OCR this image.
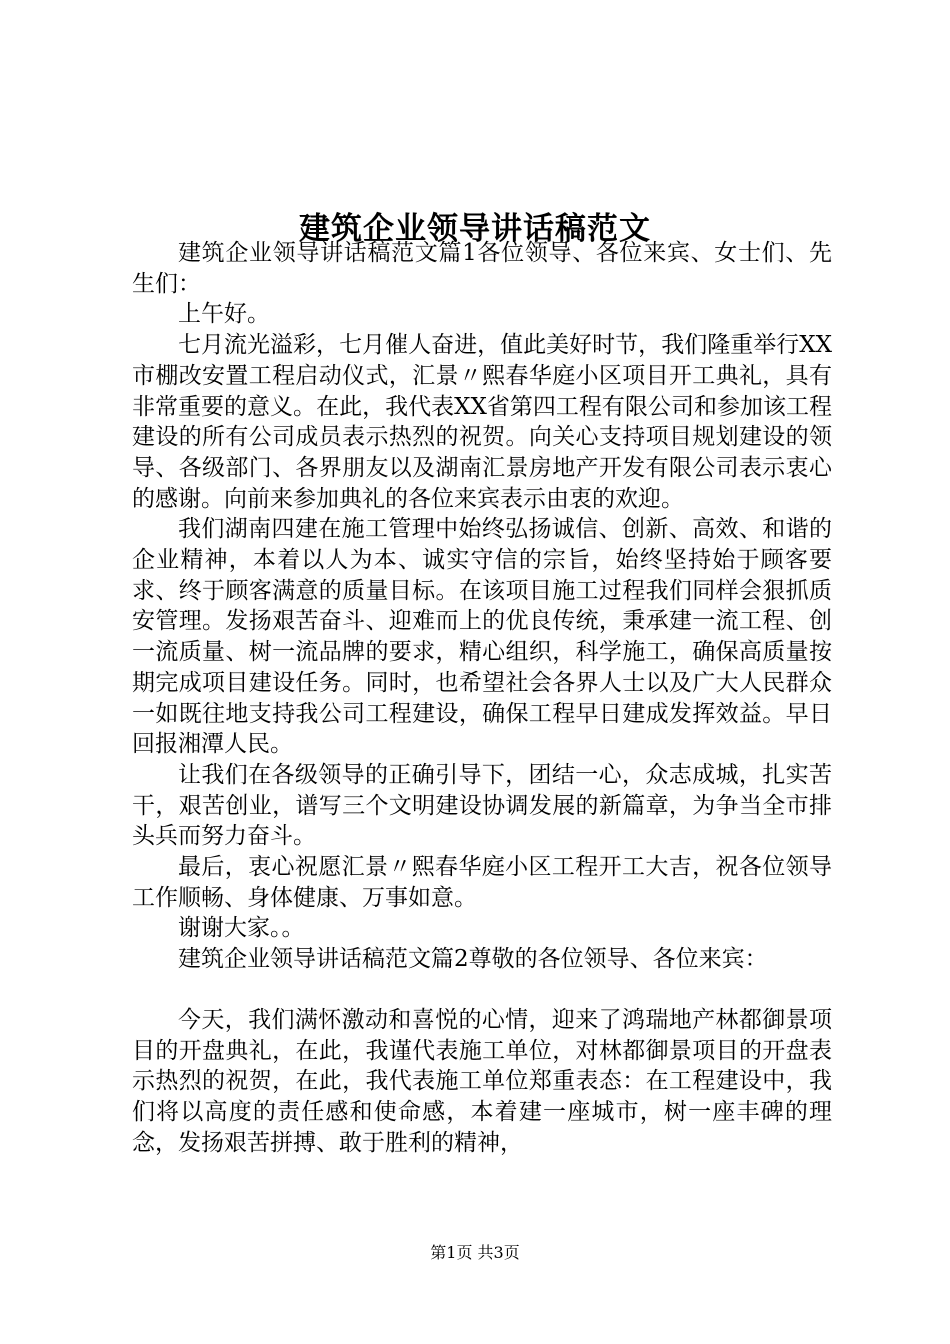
建筑企业领导讲话稿范文

建筑企业领导讲话稿范文篇1各位领导、各位来宾、女士们、先生们：

上午好。

七月流光溢彩，七月催人奋进，值此美好时节，我们隆重举行XX市棚改安置工程启动仪式，汇景〃熙春华庭小区项目开工典礼，具有非常重要的意义。在此，我代表XX省第四工程有限公司和参加该工程建设的所有公司成员表示热烈的祝贺。向关心支持项目规划建设的领导、各级部门、各界朋友以及湖南汇景房地产开发有限公司表示衷心的感谢。向前来参加典礼的各位来宾表示由衷的欢迎。

我们湖南四建在施工管理中始终弘扬诚信、创新、高效、和谐的企业精神，本着以人为本、诚实守信的宗旨，始终坚持始于顾客要求、终于顾客满意的质量目标。在该项目施工过程我们同样会狠抓质安管理。发扬艰苦奋斗、迎难而上的优良传统，秉承建一流工程、创一流质量、树一流品牌的要求，精心组织，科学施工，确保高质量按期完成项目建设任务。同时，也希望社会各界人士以及广大人民群众一如既往地支持我公司工程建设，确保工程早日建成发挥效益。早日回报湘潭人民。

让我们在各级领导的正确引导下，团结一心，众志成城，扎实苦干，艰苦创业，谱写三个文明建设协调发展的新篇章，为争当全市排头兵而努力奋斗。

最后，衷心祝愿汇景〃熙春华庭小区工程开工大吉，祝各位领导工作顺畅、身体健康、万事如意。

谢谢大家。。

建筑企业领导讲话稿范文篇2尊敬的各位领导、各位来宾：

今天，我们满怀激动和喜悦的心情，迎来了鸿瑞地产林都御景项目的开盘典礼，在此，我谨代表施工单位，对林都御景项目的开盘表示热烈的祝贺，在此，我代表施工单位郑重表态：在工程建设中，我们将以高度的责任感和使命感，本着建一座城市，树一座丰碑的理念，发扬艰苦拼搏、敢于胜利的精神，

第1页 共3页
